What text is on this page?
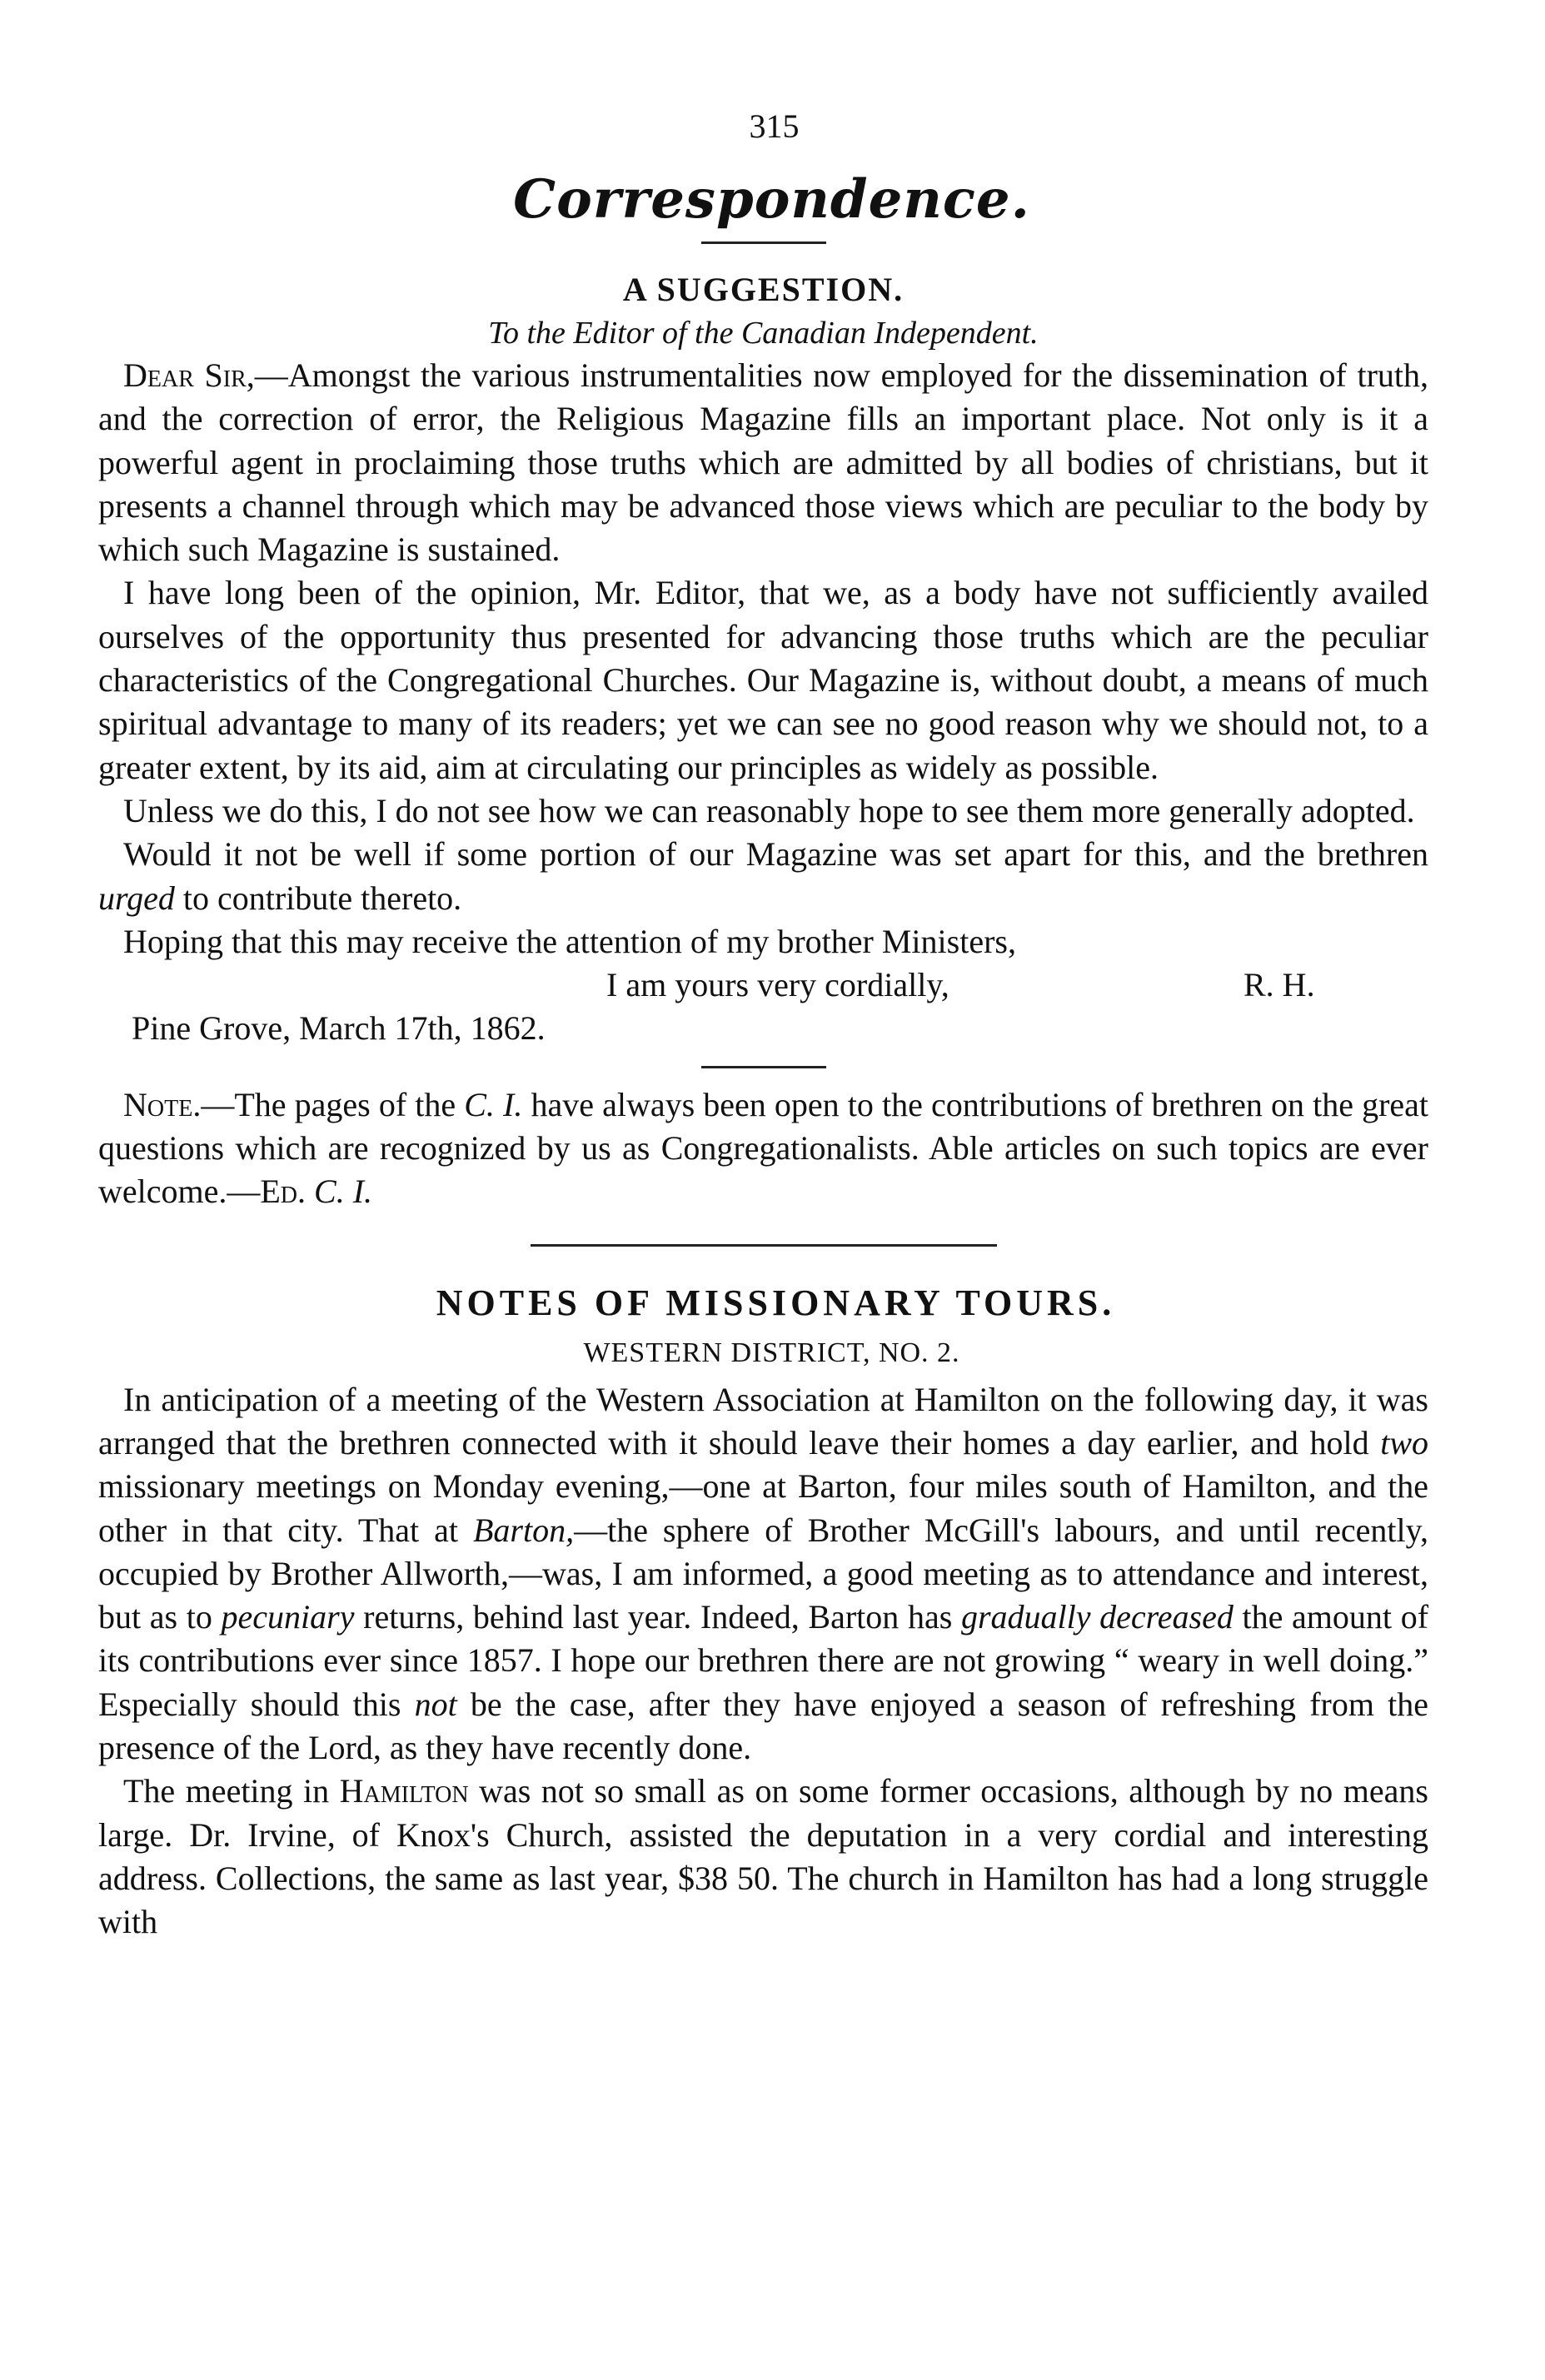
315
Correspondence.
A SUGGESTION.
To the Editor of the Canadian Independent.

Dear Sir,—Amongst the various instrumentalities now employed for the dissemination of truth, and the correction of error, the Religious Magazine fills an important place. Not only is it a powerful agent in proclaiming those truths which are admitted by all bodies of christians, but it presents a channel through which may be advanced those views which are peculiar to the body by which such Magazine is sustained.

I have long been of the opinion, Mr. Editor, that we, as a body have not sufficiently availed ourselves of the opportunity thus presented for advancing those truths which are the peculiar characteristics of the Congregational Churches. Our Magazine is, without doubt, a means of much spiritual advantage to many of its readers; yet we can see no good reason why we should not, to a greater extent, by its aid, aim at circulating our principles as widely as possible.

Unless we do this, I do not see how we can reasonably hope to see them more generally adopted.

Would it not be well if some portion of our Magazine was set apart for this, and the brethren urged to contribute thereto.

Hoping that this may receive the attention of my brother Ministers,

I am yours very cordially,	R. H.
Pine Grove, March 17th, 1862.

Note.—The pages of the C. I. have always been open to the contributions of brethren on the great questions which are recognized by us as Congregationalists. Able articles on such topics are ever welcome.—Ed. C. I.

NOTES OF MISSIONARY TOURS.
WESTERN DISTRICT, NO. 2.

In anticipation of a meeting of the Western Association at Hamilton on the following day, it was arranged that the brethren connected with it should leave their homes a day earlier, and hold two missionary meetings on Monday evening,—one at Barton, four miles south of Hamilton, and the other in that city. That at Barton,—the sphere of Brother McGill's labours, and until recently, occupied by Brother Allworth,—was, I am informed, a good meeting as to attendance and interest, but as to pecuniary returns, behind last year. Indeed, Barton has gradually decreased the amount of its contributions ever since 1857. I hope our brethren there are not growing “ weary in well doing.” Especially should this not be the case, after they have enjoyed a season of refreshing from the presence of the Lord, as they have recently done.

The meeting in Hamilton was not so small as on some former occasions, although by no means large. Dr. Irvine, of Knox's Church, assisted the deputation in a very cordial and interesting address. Collections, the same as last year, $38 50. The church in Hamilton has had a long struggle with
